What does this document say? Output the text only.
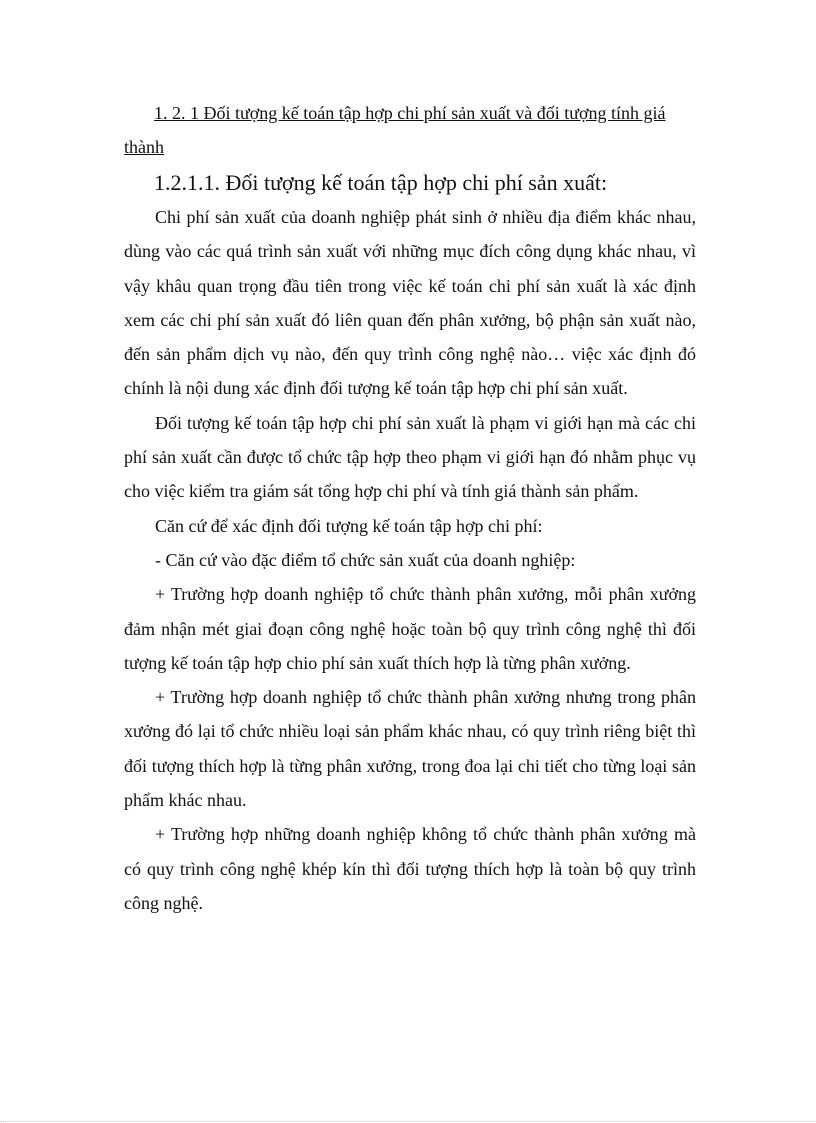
1. 2. 1 Đối tượng kế toán tập hợp chi phí sản xuất và đối tượng tính giá
thành

1.2.1.1. Đối tượng kế toán tập hợp chi phí sản xuất:

Chi phí sản xuất của doanh nghiệp phát sinh ở nhiều địa điểm khác nhau, dùng vào các quá trình sản xuất với những mục đích công dụng khác nhau, vì vậy khâu quan trọng đầu tiên trong việc kế toán chi phí sản xuất là xác định xem các chi phí sản xuất đó liên quan đến phân xưởng, bộ phận sản xuất nào, đến sản phẩm dịch vụ nào, đến quy trình công nghệ nào… việc xác định đó chính là nội dung xác định đối tượng kế toán tập hợp chi phí sản xuất.

Đối tượng kế toán tập hợp chi phí sản xuất là phạm vi giới hạn mà các chi phí sản xuất cần được tổ chức tập hợp theo phạm vi giới hạn đó nhằm phục vụ cho việc kiểm tra giám sát tổng hợp chi phí và tính giá thành sản phẩm.

Căn cứ để xác định đối tượng kế toán tập hợp chi phí:

- Căn cứ vào đặc điểm tổ chức sản xuất của doanh nghiệp:

+ Trường hợp doanh nghiệp tổ chức thành phân xưởng, mỗi phân xưởng đảm nhận mét giai đoạn công nghệ hoặc toàn bộ quy trình công nghệ thì đối tượng kế toán tập hợp chio phí sản xuất thích hợp là từng phân xưởng.

+ Trường hợp doanh nghiệp tổ chức thành phân xưởng nhưng trong phân xưởng đó lại tổ chức nhiều loại sản phẩm khác nhau, có quy trình riêng biệt thì đối tượng thích hợp là từng phân xưởng, trong đoa lại chi tiết cho từng loại sản phẩm khác nhau.

+ Trường hợp những doanh nghiệp không tổ chức thành phân xưởng mà có quy trình công nghệ khép kín thì đối tượng thích hợp là toàn bộ quy trình công nghệ.
